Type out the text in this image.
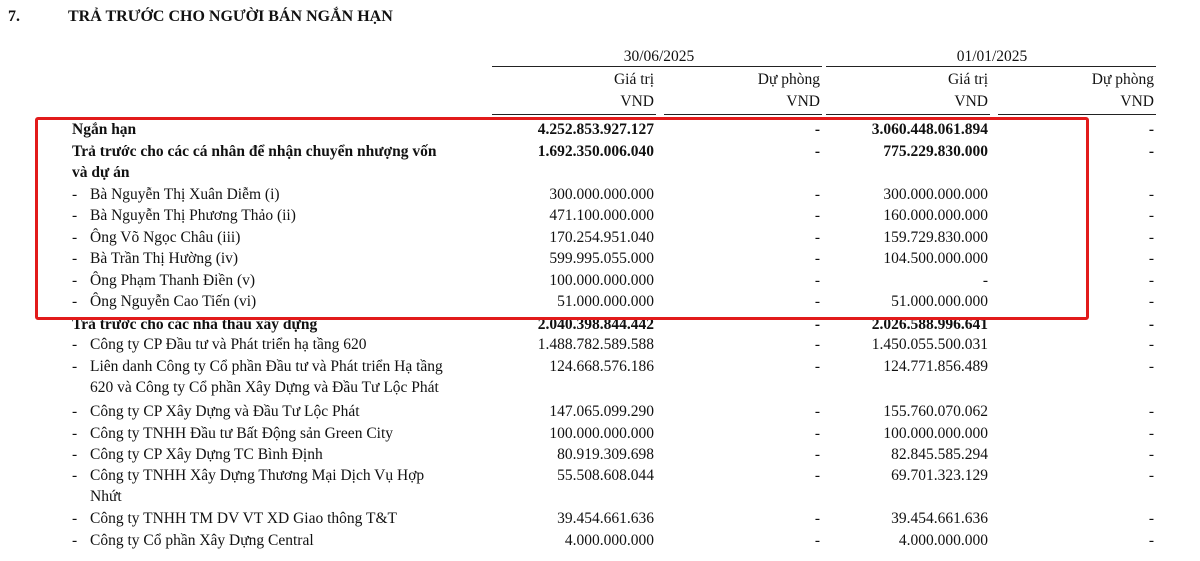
7.	TRẢ TRƯỚC CHO NGƯỜI BÁN NGẮN HẠN
30/06/2025	01/01/2025
Giá trị	Dự phòng	Giá trị	Dự phòng
VND	VND	VND	VND
Ngắn hạn	4.252.853.927.127	-	3.060.448.061.894	-
Trả trước cho các cá nhân để nhận chuyển nhượng vốn
và dự án
1.692.350.006.040	-	775.229.830.000	-
- Bà Nguyễn Thị Xuân Diễm (i)	300.000.000.000	-	300.000.000.000	-
- Bà Nguyễn Thị Phương Thảo (ii)	471.100.000.000	-	160.000.000.000	-
- Ông Võ Ngọc Châu (iii)	170.254.951.040	-	159.729.830.000	-
- Bà Trần Thị Hường (iv)	599.995.055.000	-	104.500.000.000	-
- Ông Phạm Thanh Điền (v)	100.000.000.000	-	-	-
- Ông Nguyễn Cao Tiến (vi)	51.000.000.000	-	51.000.000.000	-
Trả trước cho các nhà thầu xây dựng	2.040.398.844.442	-	2.026.588.996.641	-
- Công ty CP Đầu tư và Phát triển hạ tầng 620	1.488.782.589.588	-	1.450.055.500.031	-
- Liên danh Công ty Cổ phần Đầu tư và Phát triển Hạ tầng
620 và Công ty Cổ phần Xây Dựng và Đầu Tư Lộc Phát
124.668.576.186	-	124.771.856.489	-
- Công ty CP Xây Dựng và Đầu Tư Lộc Phát	147.065.099.290	-	155.760.070.062	-
- Công ty TNHH Đầu tư Bất Động sản Green City	100.000.000.000	-	100.000.000.000	-
- Công ty CP Xây Dựng TC Bình Định	80.919.309.698	-	82.845.585.294	-
- Công ty TNHH Xây Dựng Thương Mại Dịch Vụ Hợp
Nhứt
55.508.608.044	-	69.701.323.129	-
- Công ty TNHH TM DV VT XD Giao thông T&T	39.454.661.636	-	39.454.661.636	-
- Công ty Cổ phần Xây Dựng Central	4.000.000.000	-	4.000.000.000	-
